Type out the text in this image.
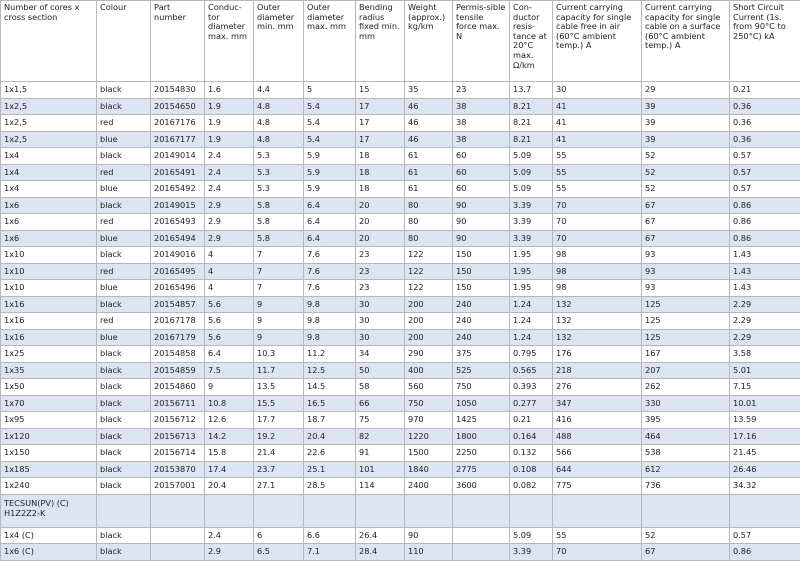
Number of cores x cross section	Colour	Part number	Conduc-tor diameter max. mm	Outer diameter min. mm	Outer diameter max. mm	Bending radius fixed min. mm	Weight (approx.) kg/km	Permis-sible tensile force max. N	Con-ductor resis-tance at 20°C max. Ω/km	Current carrying capacity for single cable free in air (60°C ambient temp.) A	Current carrying capacity for single cable on a surface (60°C ambient temp.) A	Short Circuit Current (1s. from 90°C to 250°C) kA
1x1,5	black	20154830	1.6	4.4	5	15	35	23	13.7	30	29	0.21
1x2,5	black	20154650	1.9	4.8	5.4	17	46	38	8.21	41	39	0.36
1x2,5	red	20167176	1.9	4.8	5.4	17	46	38	8.21	41	39	0.36
1x2,5	blue	20167177	1.9	4.8	5.4	17	46	38	8.21	41	39	0.36
1x4	black	20149014	2.4	5.3	5.9	18	61	60	5.09	55	52	0.57
1x4	red	20165491	2.4	5.3	5.9	18	61	60	5.09	55	52	0.57
1x4	blue	20165492	2.4	5.3	5.9	18	61	60	5.09	55	52	0.57
1x6	black	20149015	2.9	5.8	6.4	20	80	90	3.39	70	67	0.86
1x6	red	20165493	2.9	5.8	6.4	20	80	90	3.39	70	67	0.86
1x6	blue	20165494	2.9	5.8	6.4	20	80	90	3.39	70	67	0.86
1x10	black	20149016	4	7	7.6	23	122	150	1.95	98	93	1.43
1x10	red	20165495	4	7	7.6	23	122	150	1.95	98	93	1.43
1x10	blue	20165496	4	7	7.6	23	122	150	1.95	98	93	1.43
1x16	black	20154857	5.6	9	9.8	30	200	240	1.24	132	125	2.29
1x16	red	20167178	5.6	9	9.8	30	200	240	1.24	132	125	2.29
1x16	blue	20167179	5.6	9	9.8	30	200	240	1.24	132	125	2.29
1x25	black	20154858	6.4	10.3	11.2	34	290	375	0.795	176	167	3.58
1x35	black	20154859	7.5	11.7	12.5	50	400	525	0.565	218	207	5.01
1x50	black	20154860	9	13.5	14.5	58	560	750	0.393	276	262	7.15
1x70	black	20156711	10.8	15.5	16.5	66	750	1050	0.277	347	330	10.01
1x95	black	20156712	12.6	17.7	18.7	75	970	1425	0.21	416	395	13.59
1x120	black	20156713	14.2	19.2	20.4	82	1220	1800	0.164	488	464	17.16
1x150	black	20156714	15.8	21.4	22.6	91	1500	2250	0.132	566	538	21.45
1x185	black	20153870	17.4	23.7	25.1	101	1840	2775	0.108	644	612	26.46
1x240	black	20157001	20.4	27.1	28.5	114	2400	3600	0.082	775	736	34.32
TECSUN(PV) (C) H1Z2Z2-K												
1x4 (C)	black		2.4	6	6.6	26.4	90		5.09	55	52	0.57
1x6 (C)	black		2.9	6.5	7.1	28.4	110		3.39	70	67	0.86
